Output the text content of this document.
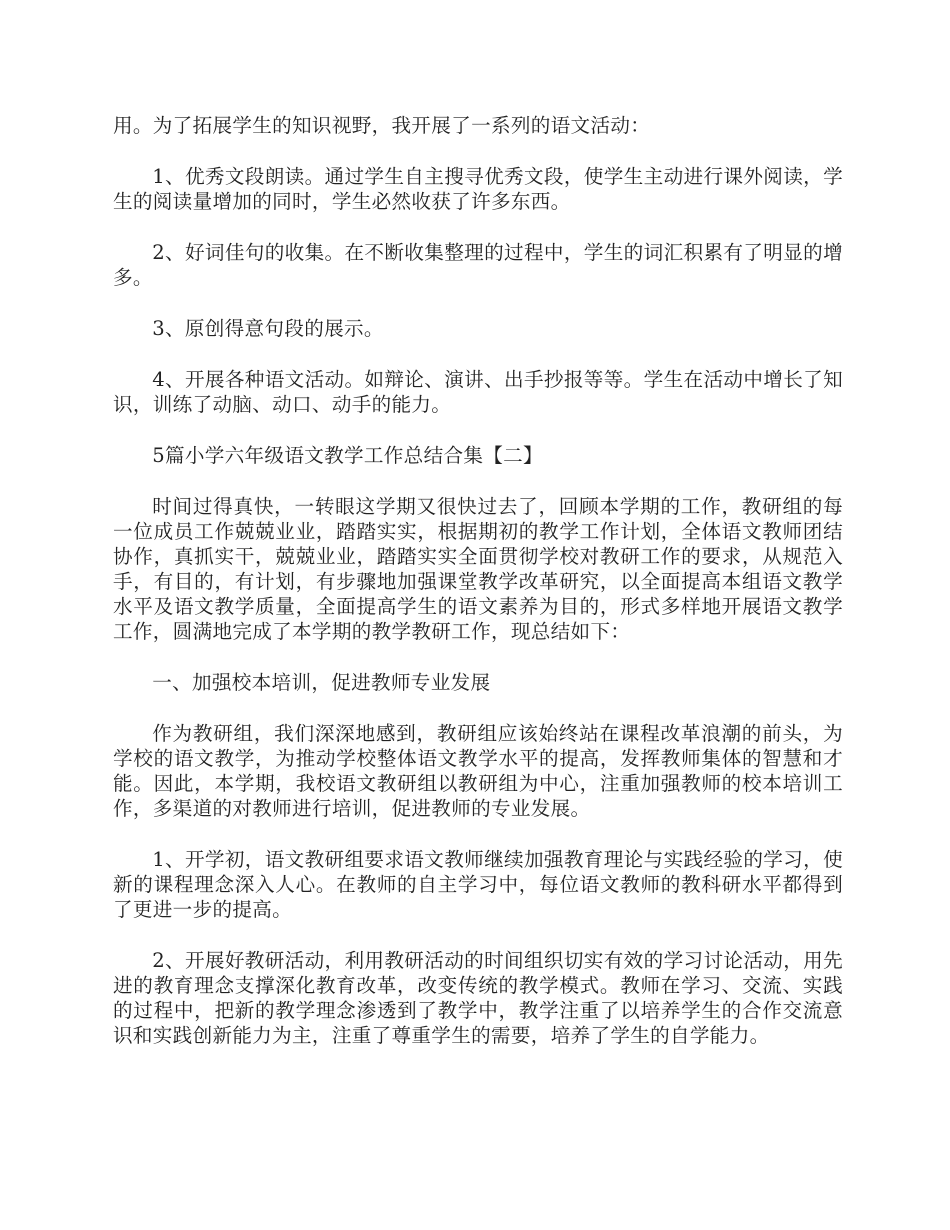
用。为了拓展学生的知识视野，我开展了一系列的语文活动：

1、优秀文段朗读。通过学生自主搜寻优秀文段，使学生主动进行课外阅读，学生的阅读量增加的同时，学生必然收获了许多东西。

2、好词佳句的收集。在不断收集整理的过程中，学生的词汇积累有了明显的增多。

3、原创得意句段的展示。

4、开展各种语文活动。如辩论、演讲、出手抄报等等。学生在活动中增长了知识，训练了动脑、动口、动手的能力。

5篇小学六年级语文教学工作总结合集【二】

时间过得真快，一转眼这学期又很快过去了，回顾本学期的工作，教研组的每一位成员工作兢兢业业，踏踏实实，根据期初的教学工作计划，全体语文教师团结协作，真抓实干，兢兢业业，踏踏实实全面贯彻学校对教研工作的要求，从规范入手，有目的，有计划，有步骤地加强课堂教学改革研究，以全面提高本组语文教学水平及语文教学质量，全面提高学生的语文素养为目的，形式多样地开展语文教学工作，圆满地完成了本学期的教学教研工作，现总结如下：

一、加强校本培训，促进教师专业发展

作为教研组，我们深深地感到，教研组应该始终站在课程改革浪潮的前头，为学校的语文教学，为推动学校整体语文教学水平的提高，发挥教师集体的智慧和才能。因此，本学期，我校语文教研组以教研组为中心，注重加强教师的校本培训工作，多渠道的对教师进行培训，促进教师的专业发展。

1、开学初，语文教研组要求语文教师继续加强教育理论与实践经验的学习，使新的课程理念深入人心。在教师的自主学习中，每位语文教师的教科研水平都得到了更进一步的提高。

2、开展好教研活动，利用教研活动的时间组织切实有效的学习讨论活动，用先进的教育理念支撑深化教育改革，改变传统的教学模式。教师在学习、交流、实践的过程中，把新的教学理念渗透到了教学中，教学注重了以培养学生的合作交流意识和实践创新能力为主，注重了尊重学生的需要，培养了学生的自学能力。
